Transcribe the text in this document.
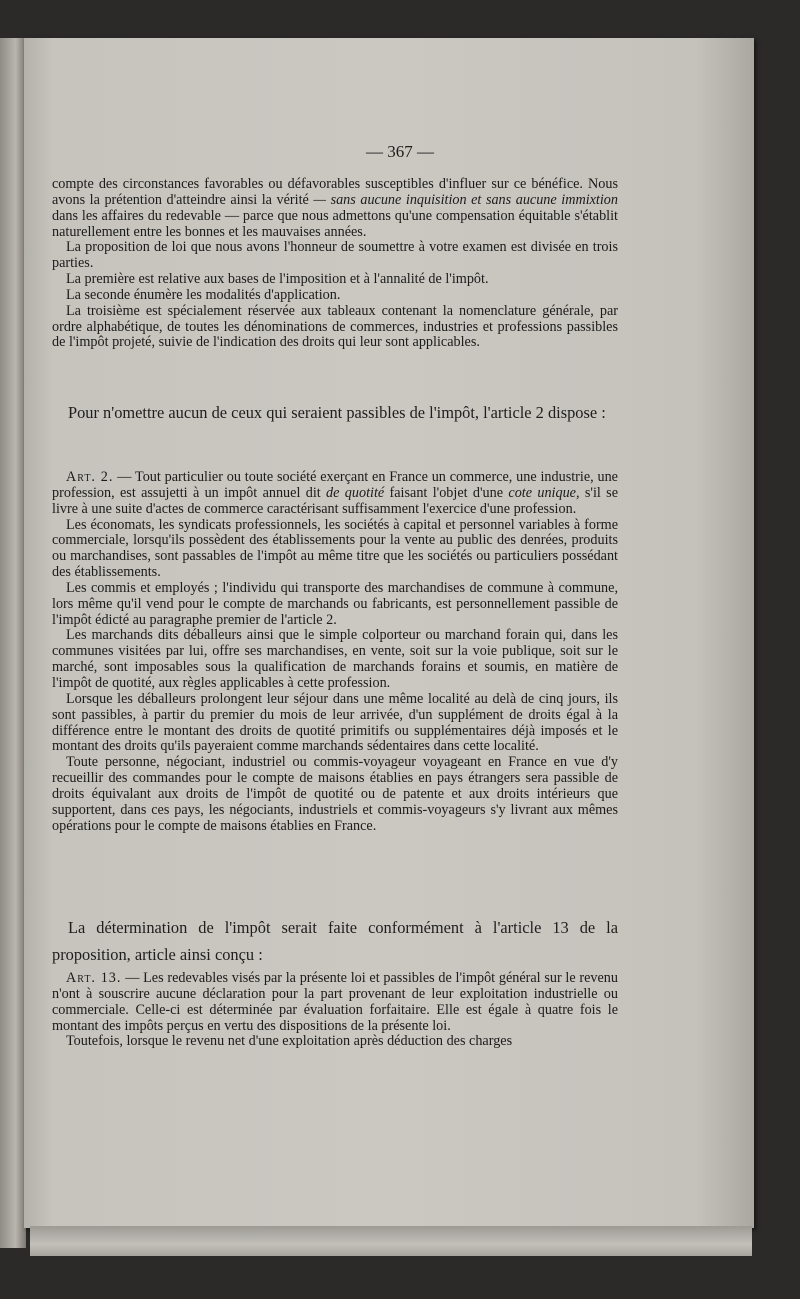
— 367 —

compte des circonstances favorables ou défavorables susceptibles d'influer sur ce bénéfice. Nous avons la prétention d'atteindre ainsi la vérité — sans aucune inquisition et sans aucune immixtion dans les affaires du redevable — parce que nous admettons qu'une compensation équitable s'établit naturellement entre les bonnes et les mauvaises années.

La proposition de loi que nous avons l'honneur de soumettre à votre examen est divisée en trois parties.

La première est relative aux bases de l'imposition et à l'annalité de l'impôt.

La seconde énumère les modalités d'application.

La troisième est spécialement réservée aux tableaux contenant la nomenclature générale, par ordre alphabétique, de toutes les dénominations de commerces, industries et professions passibles de l'impôt projeté, suivie de l'indication des droits qui leur sont applicables.

Pour n'omettre aucun de ceux qui seraient passibles de l'impôt, l'article 2 dispose :

Art. 2. — Tout particulier ou toute société exerçant en France un commerce, une industrie, une profession, est assujetti à un impôt annuel dit de quotité faisant l'objet d'une cote unique, s'il se livre à une suite d'actes de commerce caractérisant suffisamment l'exercice d'une profession.

Les économats, les syndicats professionnels, les sociétés à capital et personnel variables à forme commerciale, lorsqu'ils possèdent des établissements pour la vente au public des denrées, produits ou marchandises, sont passables de l'impôt au même titre que les sociétés ou particuliers possédant des établissements.

Les commis et employés ; l'individu qui transporte des marchandises de commune à commune, lors même qu'il vend pour le compte de marchands ou fabricants, est personnellement passible de l'impôt édicté au paragraphe premier de l'article 2.

Les marchands dits déballeurs ainsi que le simple colporteur ou marchand forain qui, dans les communes visitées par lui, offre ses marchandises, en vente, soit sur la voie publique, soit sur le marché, sont imposables sous la qualification de marchands forains et soumis, en matière de l'impôt de quotité, aux règles applicables à cette profession.

Lorsque les déballeurs prolongent leur séjour dans une même localité au delà de cinq jours, ils sont passibles, à partir du premier du mois de leur arrivée, d'un supplément de droits égal à la différence entre le montant des droits de quotité primitifs ou supplémentaires déjà imposés et le montant des droits qu'ils payeraient comme marchands sédentaires dans cette localité.

Toute personne, négociant, industriel ou commis-voyageur voyageant en France en vue d'y recueillir des commandes pour le compte de maisons établies en pays étrangers sera passible de droits équivalant aux droits de l'impôt de quotité ou de patente et aux droits intérieurs que supportent, dans ces pays, les négociants, industriels et commis-voyageurs s'y livrant aux mêmes opérations pour le compte de maisons établies en France.

La détermination de l'impôt serait faite conformément à l'article 13 de la proposition, article ainsi conçu :

Art. 13. — Les redevables visés par la présente loi et passibles de l'impôt général sur le revenu n'ont à souscrire aucune déclaration pour la part provenant de leur exploitation industrielle ou commerciale. Celle-ci est déterminée par évaluation forfaitaire. Elle est égale à quatre fois le montant des impôts perçus en vertu des dispositions de la présente loi.

Toutefois, lorsque le revenu net d'une exploitation après déduction des charges
